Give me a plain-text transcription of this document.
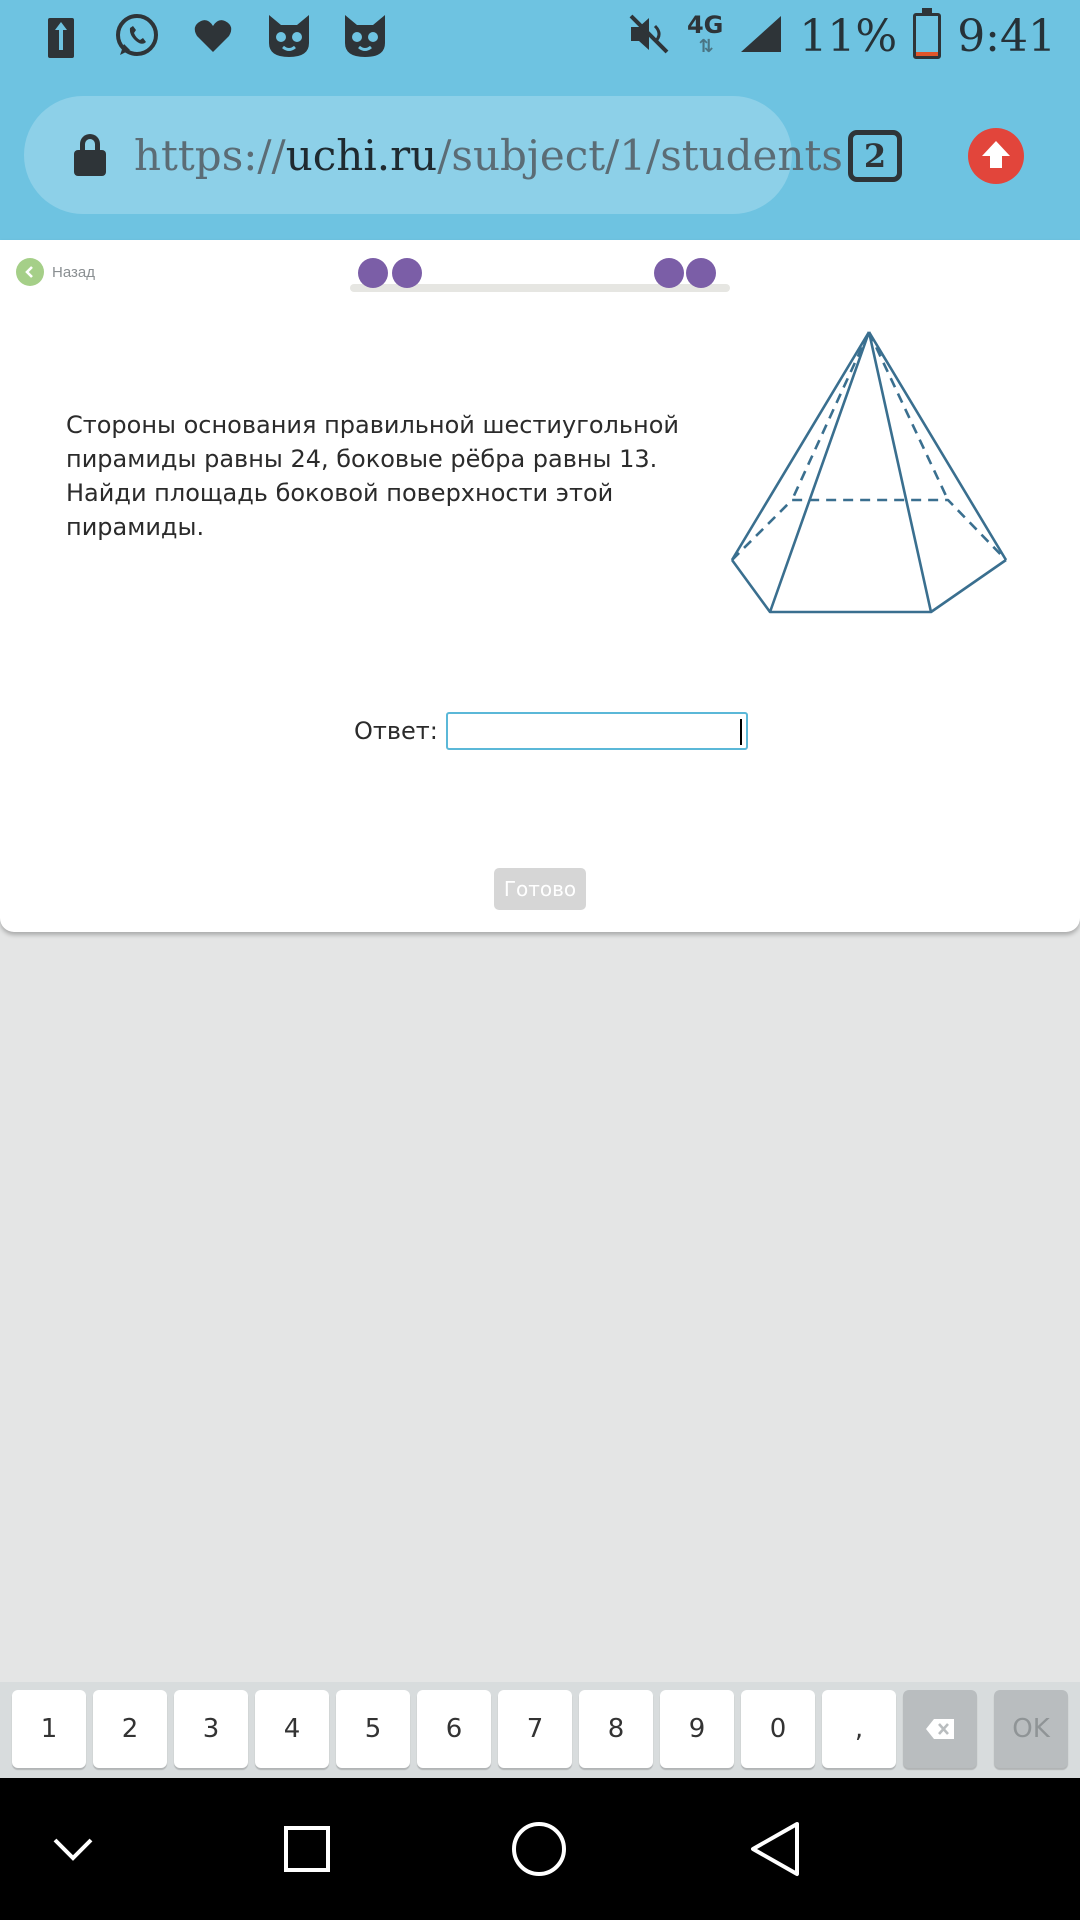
4G
⇅ 11% 9:41
https://uchi.ru/subject/1/students 2
Назад
Стороны основания правильной шестиугольной пирамиды равны 24, боковые рёбра равны 13. Найди площадь боковой поверхности этой пирамиды.
Ответ:
Готово
1	2	3	4	5	6	7	8	9	0	,	OK
